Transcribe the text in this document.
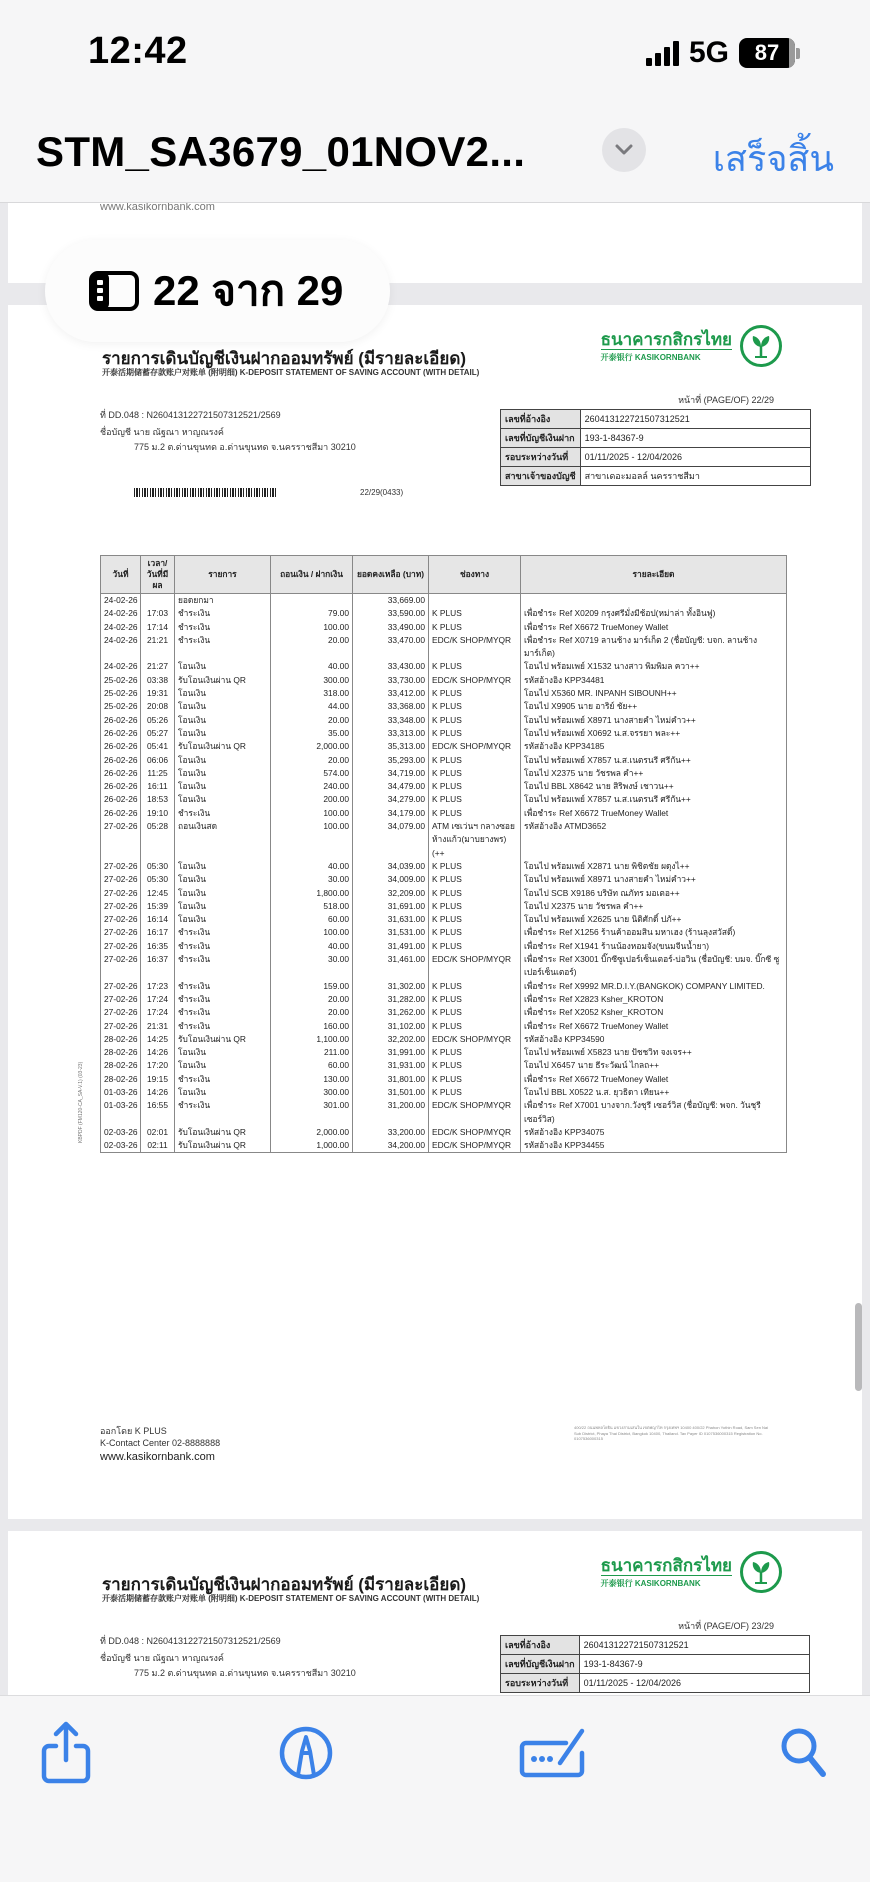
12:42	5G 87
STM_SA3679_01NOV2...	เสร็จสิ้น
www.kasikornbank.com
รายการเดินบัญชีเงินฝากออมทรัพย์ (มีรายละเอียด)
开泰活期储蓄存款账户对账单 (附明细) K-DEPOSIT STATEMENT OF SAVING ACCOUNT (WITH DETAIL)
ธนาคารกสิกรไทย
开泰银行 KASIKORNBANK
หน้าที่ (PAGE/OF) 22/29
ที่ DD.048 : N260413122721507312521/2569
ชื่อบัญชี นาย ณัฐณา หาญณรงค์
775 ม.2 ต.ด่านขุนทด อ.ด่านขุนทด จ.นครราชสีมา 30210
เลขที่อ้างอิง	260413122721507312521
เลขที่บัญชีเงินฝาก	193-1-84367-9
รอบระหว่างวันที่	01/11/2025 - 12/04/2026
สาขาเจ้าของบัญชี	สาขาเดอะมอลล์ นครราชสีมา
22/29(0433)
วันที่	เวลา/ วันที่มีผล	รายการ	ถอนเงิน / ฝากเงิน	ยอดคงเหลือ (บาท)	ช่องทาง	รายละเอียด
24-02-26		ยอดยกมา		33,669.00		
24-02-26	17:03	ชำระเงิน	79.00	33,590.00	K PLUS	เพื่อชำระ Ref X0209 กรุงศรีมั่งมีช้อป(หม่าล่า ทั้งอินฟู)
24-02-26	17:14	ชำระเงิน	100.00	33,490.00	K PLUS	เพื่อชำระ Ref X6672 TrueMoney Wallet
24-02-26	21:21	ชำระเงิน	20.00	33,470.00	EDC/K SHOP/MYQR	เพื่อชำระ Ref X0719 ลานช้าง มาร์เก็ต 2 (ชื่อบัญชี: บจก. ลานช้าง มาร์เก็ต)
24-02-26	21:27	โอนเงิน	40.00	33,430.00	K PLUS	โอนไป พร้อมเพย์ X1532 นางสาว พิมพิมล ควา++
25-02-26	03:38	รับโอนเงินผ่าน QR	300.00	33,730.00	EDC/K SHOP/MYQR	รหัสอ้างอิง KPP34481
25-02-26	19:31	โอนเงิน	318.00	33,412.00	K PLUS	โอนไป X5360 MR. INPANH SIBOUNH++
25-02-26	20:08	โอนเงิน	44.00	33,368.00	K PLUS	โอนไป X9905 นาย อาริย์ ชัย++
26-02-26	05:26	โอนเงิน	20.00	33,348.00	K PLUS	โอนไป พร้อมเพย์ X8971 นางสายคำ ไหม่คำว++
26-02-26	05:27	โอนเงิน	35.00	33,313.00	K PLUS	โอนไป พร้อมเพย์ X0692 น.ส.จรรยา พละ++
26-02-26	05:41	รับโอนเงินผ่าน QR	2,000.00	35,313.00	EDC/K SHOP/MYQR	รหัสอ้างอิง KPP34185
26-02-26	06:06	โอนเงิน	20.00	35,293.00	K PLUS	โอนไป พร้อมเพย์ X7857 น.ส.เนตรนรี ศรีกัน++
26-02-26	11:25	โอนเงิน	574.00	34,719.00	K PLUS	โอนไป X2375 นาย วัชรพล คำ++
26-02-26	16:11	โอนเงิน	240.00	34,479.00	K PLUS	โอนไป BBL X8642 นาย สิริพงษ์ เชาวน++
26-02-26	18:53	โอนเงิน	200.00	34,279.00	K PLUS	โอนไป พร้อมเพย์ X7857 น.ส.เนตรนรี ศรีกัน++
26-02-26	19:10	ชำระเงิน	100.00	34,179.00	K PLUS	เพื่อชำระ Ref X6672 TrueMoney Wallet
27-02-26	05:28	ถอนเงินสด	100.00	34,079.00	ATM เซเว่นฯ กลางซอยห้างแก้ว(มาบยางพร)(++	รหัสอ้างอิง ATMD3652
27-02-26	05:30	โอนเงิน	40.00	34,039.00	K PLUS	โอนไป พร้อมเพย์ X2871 นาย พิชิตชัย ผดุงไ++
27-02-26	05:30	โอนเงิน	30.00	34,009.00	K PLUS	โอนไป พร้อมเพย์ X8971 นางสายคำ ไหม่คำว++
27-02-26	12:45	โอนเงิน	1,800.00	32,209.00	K PLUS	โอนไป SCB X9186 บริษัท ณภัทร มอเตอ++
27-02-26	15:39	โอนเงิน	518.00	31,691.00	K PLUS	โอนไป X2375 นาย วัชรพล คำ++
27-02-26	16:14	โอนเงิน	60.00	31,631.00	K PLUS	โอนไป พร้อมเพย์ X2625 นาย นิติศักดิ์ ปภั++
27-02-26	16:17	ชำระเงิน	100.00	31,531.00	K PLUS	เพื่อชำระ Ref X1256 ร้านค้าออมสิน มหาเฮง (ร้านลุงสวัสดิ์)
27-02-26	16:35	ชำระเงิน	40.00	31,491.00	K PLUS	เพื่อชำระ Ref X1941 ร้านน้องหอมจัง(ขนมจีนน้ำยา)
27-02-26	16:37	ชำระเงิน	30.00	31,461.00	EDC/K SHOP/MYQR	เพื่อชำระ Ref X3001 บิ๊กซีซูเปอร์เซ็นเตอร์-บ่อวิน (ชื่อบัญชี: บมจ. บิ๊กซี ซูเปอร์เซ็นเตอร์)
27-02-26	17:23	ชำระเงิน	159.00	31,302.00	K PLUS	เพื่อชำระ Ref X9992 MR.D.I.Y.(BANGKOK) COMPANY LIMITED.
27-02-26	17:24	ชำระเงิน	20.00	31,282.00	K PLUS	เพื่อชำระ Ref X2823 Ksher_KROTON
27-02-26	17:24	ชำระเงิน	20.00	31,262.00	K PLUS	เพื่อชำระ Ref X2052 Ksher_KROTON
27-02-26	21:31	ชำระเงิน	160.00	31,102.00	K PLUS	เพื่อชำระ Ref X6672 TrueMoney Wallet
28-02-26	14:25	รับโอนเงินผ่าน QR	1,100.00	32,202.00	EDC/K SHOP/MYQR	รหัสอ้างอิง KPP34590
28-02-26	14:26	โอนเงิน	211.00	31,991.00	K PLUS	โอนไป พร้อมเพย์ X5823 นาย ปัชชวิท จงเจร++
28-02-26	17:20	โอนเงิน	60.00	31,931.00	K PLUS	โอนไป X6457 นาย ธีระวัฒน์ ไกลถ++
28-02-26	19:15	ชำระเงิน	130.00	31,801.00	K PLUS	เพื่อชำระ Ref X6672 TrueMoney Wallet
01-03-26	14:26	โอนเงิน	300.00	31,501.00	K PLUS	โอนไป BBL X0522 น.ส. ยุวธิดา เทียน++
01-03-26	16:55	ชำระเงิน	301.00	31,200.00	EDC/K SHOP/MYQR	เพื่อชำระ Ref X7001 บางจาก.วังชุรี เซอร์วิส (ชื่อบัญชี: พจก. วันชุรี เซอร์วิส)
02-03-26	02:01	รับโอนเงินผ่าน QR	2,000.00	33,200.00	EDC/K SHOP/MYQR	รหัสอ้างอิง KPP34075
02-03-26	02:11	รับโอนเงินผ่าน QR	1,000.00	34,200.00	EDC/K SHOP/MYQR	รหัสอ้างอิง KPP34455
KBPDF (FM120-CA_SA-V.1) (03-23)
ออกโดย K PLUS
K-Contact Center 02-8888888
www.kasikornbank.com
400/22 ถนนพหลโยธิน แขวงสามเสนใน เขตพญาไท กรุงเทพฯ 10400 400/22 Phahon Yothin Road, Sam Sen Nai Sub District, Phaya Thai District, Bangkok 10400, Thailand. Tax Payer ID 0107536000315 Registration No. 0107536000315
รายการเดินบัญชีเงินฝากออมทรัพย์ (มีรายละเอียด)
开泰活期储蓄存款账户对账单 (附明细) K-DEPOSIT STATEMENT OF SAVING ACCOUNT (WITH DETAIL)
ธนาคารกสิกรไทย
开泰银行 KASIKORNBANK
หน้าที่ (PAGE/OF) 23/29
ที่ DD.048 : N260413122721507312521/2569
ชื่อบัญชี นาย ณัฐณา หาญณรงค์
775 ม.2 ต.ด่านขุนทด อ.ด่านขุนทด จ.นครราชสีมา 30210
เลขที่อ้างอิง	260413122721507312521
เลขที่บัญชีเงินฝาก	193-1-84367-9
รอบระหว่างวันที่	01/11/2025 - 12/04/2026
22 จาก 29
